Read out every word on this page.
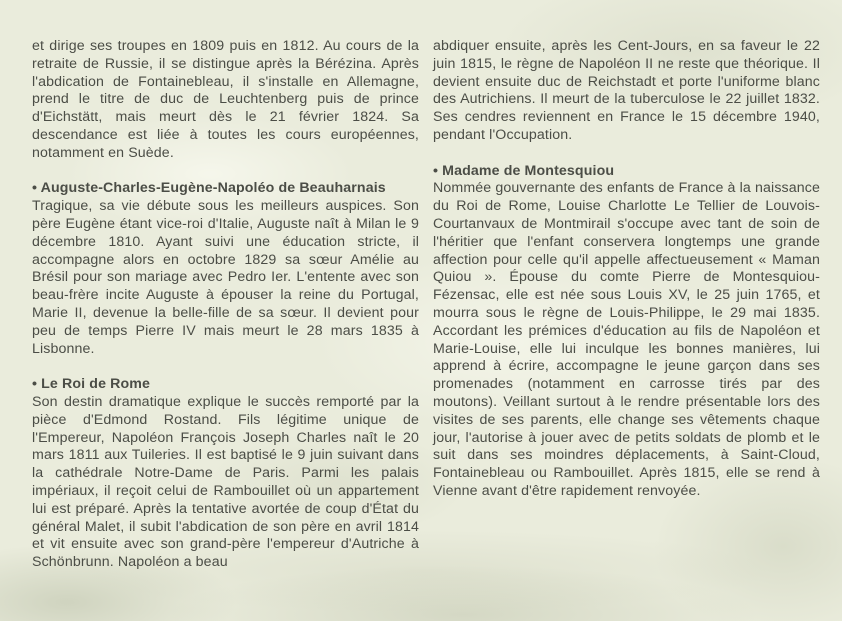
et dirige ses troupes en 1809 puis en 1812. Au cours de la retraite de Russie, il se distingue après la Bérézina. Après l'abdication de Fontainebleau, il s'installe en Allemagne, prend le titre de duc de Leuchtenberg puis de prince d'Eichstätt, mais meurt dès le 21 février 1824. Sa descendance est liée à toutes les cours européennes, notamment en Suède.

• Auguste-Charles-Eugène-Napoléo de Beauharnais

Tragique, sa vie débute sous les meilleurs auspices. Son père Eugène étant vice-roi d'Italie, Auguste naît à Milan le 9 décembre 1810. Ayant suivi une éducation stricte, il accompagne alors en octobre 1829 sa sœur Amélie au Brésil pour son mariage avec Pedro Ier. L'entente avec son beau-frère incite Auguste à épouser la reine du Portugal, Marie II, devenue la belle-fille de sa sœur. Il devient pour peu de temps Pierre IV mais meurt le 28 mars 1835 à Lisbonne.

• Le Roi de Rome

Son destin dramatique explique le succès remporté par la pièce d'Edmond Rostand. Fils légitime unique de l'Empereur, Napoléon François Joseph Charles naît le 20 mars 1811 aux Tuileries. Il est baptisé le 9 juin suivant dans la cathédrale Notre-Dame de Paris. Parmi les palais impériaux, il reçoit celui de Rambouillet où un appartement lui est préparé. Après la tentative avortée de coup d'État du général Malet, il subit l'abdication de son père en avril 1814 et vit ensuite avec son grand-père l'empereur d'Autriche à Schönbrunn. Napoléon a beau

abdiquer ensuite, après les Cent-Jours, en sa faveur le 22 juin 1815, le règne de Napoléon II ne reste que théorique. Il devient ensuite duc de Reichstadt et porte l'uniforme blanc des Autrichiens. Il meurt de la tuberculose le 22 juillet 1832. Ses cendres reviennent en France le 15 décembre 1940, pendant l'Occupation.

• Madame de Montesquiou

Nommée gouvernante des enfants de France à la naissance du Roi de Rome, Louise Charlotte Le Tellier de Louvois-Courtanvaux de Montmirail s'occupe avec tant de soin de l'héritier que l'enfant conservera longtemps une grande affection pour celle qu'il appelle affectueusement « Maman Quiou ». Épouse du comte Pierre de Montesquiou-Fézensac, elle est née sous Louis XV, le 25 juin 1765, et mourra sous le règne de Louis-Philippe, le 29 mai 1835. Accordant les prémices d'éducation au fils de Napoléon et Marie-Louise, elle lui inculque les bonnes manières, lui apprend à écrire, accompagne le jeune garçon dans ses promenades (notamment en carrosse tirés par des moutons). Veillant surtout à le rendre présentable lors des visites de ses parents, elle change ses vêtements chaque jour, l'autorise à jouer avec de petits soldats de plomb et le suit dans ses moindres déplacements, à Saint-Cloud, Fontainebleau ou Rambouillet. Après 1815, elle se rend à Vienne avant d'être rapidement renvoyée.
